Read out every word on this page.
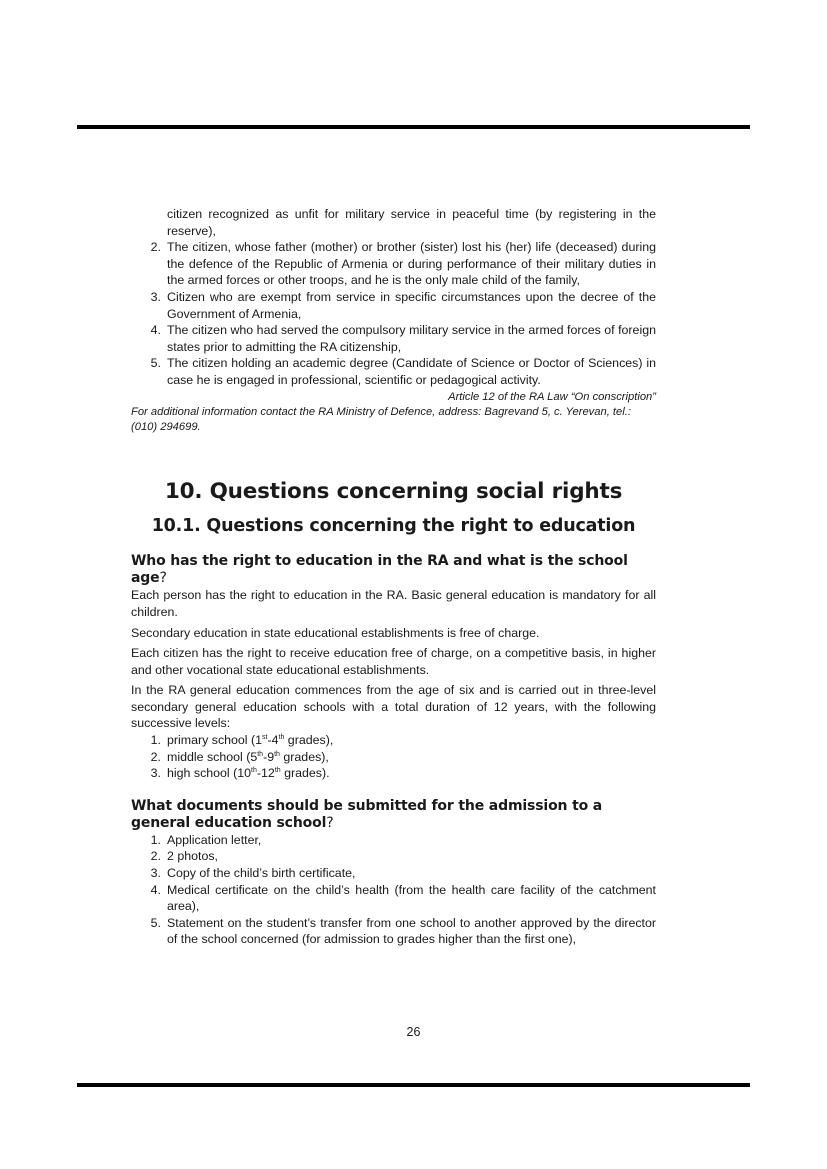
citizen recognized as unfit for military service in peaceful time (by registering in the reserve),

2. The citizen, whose father (mother) or brother (sister) lost his (her) life (deceased) during the defence of the Republic of Armenia or during performance of their military duties in the armed forces or other troops, and he is the only male child of the family,
3. Citizen who are exempt from service in specific circumstances upon the decree of the Government of Armenia,
4. The citizen who had served the compulsory military service in the armed forces of foreign states prior to admitting the RA citizenship,
5. The citizen holding an academic degree (Candidate of Science or Doctor of Sciences) in case he is engaged in professional, scientific or pedagogical activity.

Article 12 of the RA Law “On conscription”

For additional information contact the RA Ministry of Defence, address: Bagrevand 5, c. Yerevan, tel.: (010) 294699.

10. Questions concerning social rights
10.1. Questions concerning the right to education
Who has the right to education in the RA and what is the school age?

Each person has the right to education in the RA. Basic general education is mandatory for all children.

Secondary education in state educational establishments is free of charge.

Each citizen has the right to receive education free of charge, on a competitive basis, in higher and other vocational state educational establishments.

In the RA general education commences from the age of six and is carried out in three-level secondary general education schools with a total duration of 12 years, with the following successive levels:

1. primary school (1st-4th grades),
2. middle school (5th-9th grades),
3. high school (10th-12th grades).
What documents should be submitted for the admission to a general education school?
1. Application letter,
2. 2 photos,
3. Copy of the child’s birth certificate,
4. Medical certificate on the child’s health (from the health care facility of the catchment area),
5. Statement on the student’s transfer from one school to another approved by the director of the school concerned (for admission to grades higher than the first one),
26
